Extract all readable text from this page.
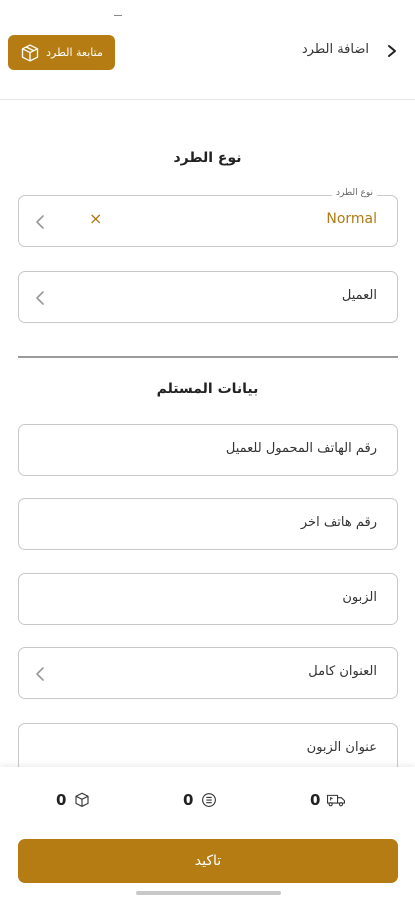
متابعة الطرد	اضافة الطرد
نوع الطرد
نوع الطرد
Normal
×
العميل
بيانات المستلم
رقم الهاتف المحمول للعميل
رقم هاتف اخر
الزبون
العنوان كامل
عنوان الزبون
0	0	0
تاكيد
